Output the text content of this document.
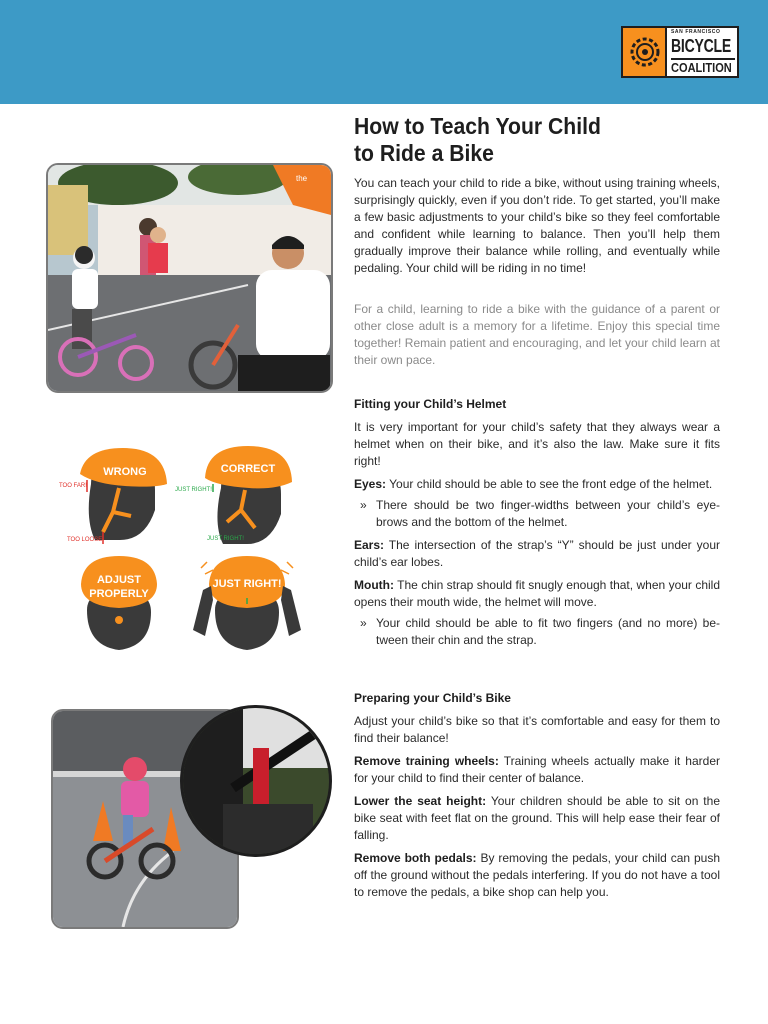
SAN FRANCISCO
BICYCLE
COALITION
How to Teach Your Child
to Ride a Bike

You can teach your child to ride a bike, without using training wheels, surprisingly quickly, even if you don’t ride. To get started, you’ll make a few basic adjustments to your child’s bike so they feel comfortable and confident while learning to balance. Then you’ll help them gradually improve their balance while rolling, and eventually while pedaling. Your child will be riding in no time!

For a child, learning to ride a bike with the guidance of a parent or other close adult is a memory for a lifetime. Enjoy this special time together! Remain patient and encouraging, and let your child learn at their own pace.

Fitting your Child’s Helmet

It is very important for your child’s safety that they always wear a helmet when on their bike, and it’s also the law. Make sure it fits right!

Eyes: Your child should be able to see the front edge of the helmet.

» There should be two finger-widths between your child’s eye-brows and the bottom of the helmet.

Ears: The intersection of the strap’s “Y” should be just under your child’s ear lobes.

Mouth: The chin strap should fit snugly enough that, when your child opens their mouth wide, the helmet will move.

» Your child should be able to fit two fingers (and no more) be-tween their chin and the strap.
Preparing your Child’s Bike

Adjust your child’s bike so that it’s comfortable and easy for them to find their balance!

Remove training wheels: Training wheels actually make it harder for your child to find their center of balance.

Lower the seat height: Your children should be able to sit on the bike seat with feet flat on the ground. This will help ease their fear of falling.

Remove both pedals: By removing the pedals, your child can push off the ground without the pedals interfering. If you do not have a tool to remove the pedals, a bike shop can help you.

the
WRONG
TOO FAR!
TOO LOOSE!
CORRECT
JUST RIGHT!
JUST RIGHT!
ADJUST
PROPERLY
JUST RIGHT!
